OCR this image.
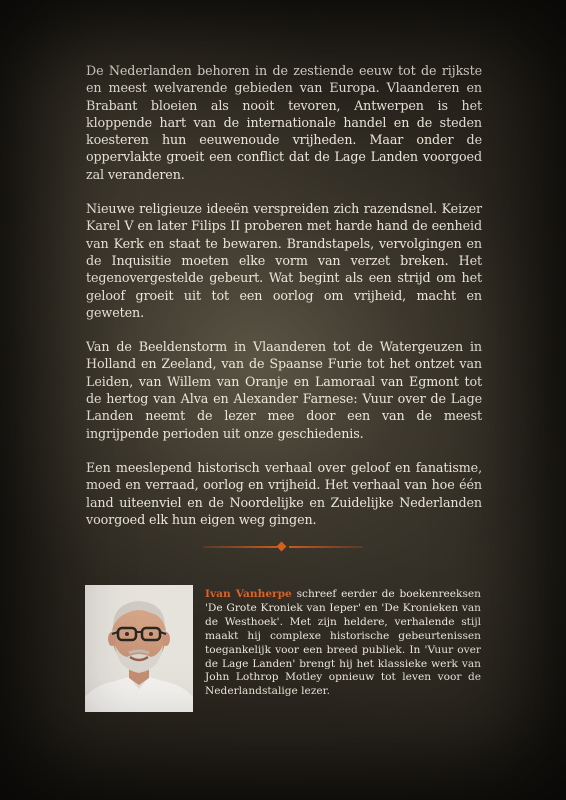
De Nederlanden behoren in de zestiende eeuw tot de rijkste en meest welvarende gebieden van Europa. Vlaanderen en Brabant bloeien als nooit tevoren, Antwerpen is het kloppende hart van de internationale handel en de steden koesteren hun eeuwenoude vrijheden. Maar onder de oppervlakte groeit een conflict dat de Lage Landen voorgoed zal veranderen.

Nieuwe religieuze ideeën verspreiden zich razendsnel. Keizer Karel V en later Filips II proberen met harde hand de eenheid van Kerk en staat te bewaren. Brandstapels, vervolgingen en de Inquisitie moeten elke vorm van verzet breken. Het tegenovergestelde gebeurt. Wat begint als een strijd om het geloof groeit uit tot een oorlog om vrijheid, macht en geweten.

Van de Beeldenstorm in Vlaanderen tot de Watergeuzen in Holland en Zeeland, van de Spaanse Furie tot het ontzet van Leiden, van Willem van Oranje en Lamoraal van Egmont tot de hertog van Alva en Alexander Farnese: Vuur over de Lage Landen neemt de lezer mee door een van de meest ingrijpende perioden uit onze geschiedenis.

Een meeslepend historisch verhaal over geloof en fanatisme, moed en verraad, oorlog en vrijheid. Het verhaal van hoe één land uiteenviel en de Noordelijke en Zuidelijke Nederlanden voorgoed elk hun eigen weg gingen.

Ivan Vanherpe schreef eerder de boekenreeksen 'De Grote Kroniek van Ieper' en 'De Kronieken van de Westhoek'. Met zijn heldere, verhalende stijl maakt hij complexe historische gebeurtenissen toegankelijk voor een breed publiek. In 'Vuur over de Lage Landen' brengt hij het klassieke werk van John Lothrop Motley opnieuw tot leven voor de Nederlandstalige lezer.
